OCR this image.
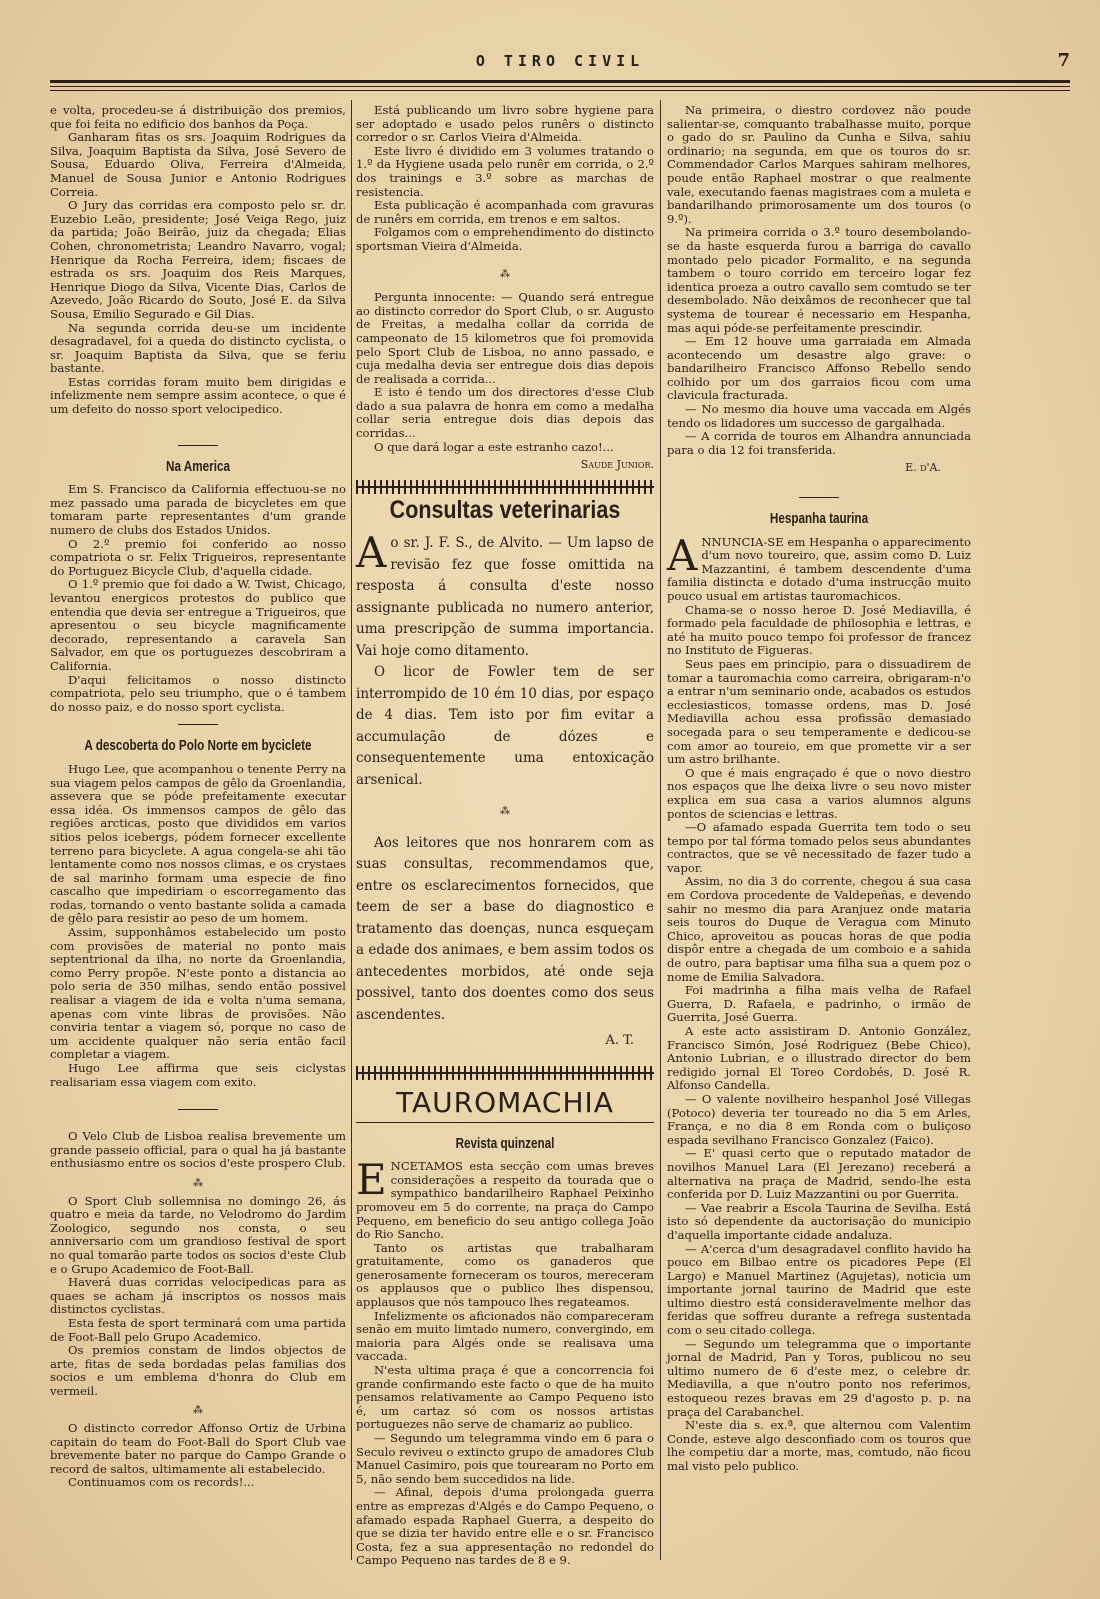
O TIRO CIVIL	7

e volta, procedeu-se á distribuição dos premios, que foi feita no edificio dos banhos da Poça.

Ganharam fitas os srs. Joaquim Rodrigues da Silva, Joaquim Baptista da Silva, José Severo de Sousa, Eduardo Oliva, Ferreira d'Almeida, Manuel de Sousa Junior e Antonio Rodrigues Correia.

O Jury das corridas era composto pelo sr. dr. Euzebio Leão, presidente; José Veiga Rego, juiz da partida; João Beirão, juiz da chegada; Elias Cohen, chronometrista; Leandro Navarro, vogal; Henrique da Rocha Ferreira, idem; fiscaes de estrada os srs. Joaquim dos Reis Marques, Henrique Diogo da Silva, Vicente Dias, Carlos de Azevedo, João Ricardo do Souto, José E. da Silva Sousa, Emilio Segurado e Gil Dias.

Na segunda corrida deu-se um incidente desagradavel, foi a queda do distincto cyclista, o sr. Joaquim Baptista da Silva, que se feriu bastante.

Estas corridas foram muito bem dirigidas e infelizmente nem sempre assim acontece, o que é um defeito do nosso sport velocipedico.

Na America

Em S. Francisco da California effectuou-se no mez passado uma parada de bicycletes em que tomaram parte representantes d'um grande numero de clubs dos Estados Unidos.

O 2.º premio foi conferido ao nosso compatriota o sr. Felix Trigueiros, representante do Portuguez Bicycle Club, d'aquella cidade.

O 1.º premio que foi dado a W. Twist, Chicago, levantou energicos protestos do publico que entendia que devia ser entregue a Trigueiros, que apresentou o seu bicycle magnificamente decorado, representando a caravela San Salvador, em que os portuguezes descobriram a California.

D'aqui felicitamos o nosso distincto compatriota, pelo seu triumpho, que o é tambem do nosso paiz, e do nosso sport cyclista.

A descoberta do Polo Norte em byciclete

Hugo Lee, que acompanhou o tenente Perry na sua viagem pelos campos de gêlo da Groenlandia, assevera que se póde prefeitamente executar essa idéa. Os immensos campos de gêlo das regiões arcticas, posto que divididos em varios sitios pelos icebergs, pódem fornecer excellente terreno para bicyclete. A agua congela-se ahi tão lentamente como nos nossos climas, e os crystaes de sal marinho formam uma especie de fino cascalho que impediriam o escorregamento das rodas, tornando o vento bastante solida a camada de gêlo para resistir ao peso de um homem.

Assim, supponhâmos estabelecido um posto com provisões de material no ponto mais septentrional da ilha, no norte da Groenlandia, como Perry propõe. N'este ponto a distancia ao polo seria de 350 milhas, sendo então possivel realisar a viagem de ida e volta n'uma semana, apenas com vinte libras de provisões. Não conviria tentar a viagem só, porque no caso de um accidente qualquer não seria então facil completar a viagem.

Hugo Lee affirma que seis ciclystas realisariam essa viagem com exito.

O Velo Club de Lisboa realisa brevemente um grande passeio official, para o qual ha já bastante enthusiasmo entre os socios d'este prospero Club.

⁂

O Sport Club sollemnisa no domingo 26, ás quatro e meia da tarde, no Velodromo do Jardim Zoologico, segundo nos consta, o seu anniversario com um grandioso festival de sport no qual tomarão parte todos os socios d'este Club e o Grupo Academico de Foot-Ball.

Haverá duas corridas velocipedicas para as quaes se acham já inscriptos os nossos mais distinctos cyclistas.

Esta festa de sport terminará com uma partida de Foot-Ball pelo Grupo Academico.

Os premios constam de lindos objectos de arte, fitas de seda bordadas pelas familias dos socios e um emblema d'honra do Club em vermeil.

⁂

O distincto corredor Affonso Ortiz de Urbina capitain do team do Foot-Ball do Sport Club vae brevemente bater no parque do Campo Grande o record de saltos, ultimamente ali estabelecido.

Continuamos com os records!...

Está publicando um livro sobre hygiene para ser adoptado e usado pelos runêrs o distincto corredor o sr. Carlos Vieira d'Almeida.

Este livro é dividido em 3 volumes tratando o 1.º da Hygiene usada pelo runêr em corrida, o 2.º dos trainings e 3.º sobre as marchas de resistencia.

Esta publicação é acompanhada com gravuras de runêrs em corrida, em trenos e em saltos.

Folgamos com o emprehendimento do distincto sportsman Vieira d'Almeida.

⁂

Pergunta innocente: — Quando será entregue ao distincto corredor do Sport Club, o sr. Augusto de Freitas, a medalha collar da corrida de campeonato de 15 kilometros que foi promovida pelo Sport Club de Lisboa, no anno passado, e cuja medalha devia ser entregue dois dias depois de realisada a corrida...

E isto é tendo um dos directores d'esse Club dado a sua palavra de honra em como a medalha collar seria entregue dois dias depois das corridas...

O que dará logar a este estranho cazo!...

Saude Junior.
Consultas veterinarias

Ao sr. J. F. S., de Alvito. — Um lapso de revisão fez que fosse omittida na resposta á consulta d'este nosso assignante publicada no numero anterior, uma prescripção de summa importancia. Vai hoje como ditamento.

O licor de Fowler tem de ser interrompido de 10 ém 10 dias, por espaço de 4 dias. Tem isto por fim evitar a accumulação de dózes e consequentemente uma entoxicação arsenical.

⁂

Aos leitores que nos honrarem com as suas consultas, recommendamos que, entre os esclarecimentos fornecidos, que teem de ser a base do diagnostico e tratamento das doenças, nunca esqueçam a edade dos animaes, e bem assim todos os antecedentes morbidos, até onde seja possivel, tanto dos doentes como dos seus ascendentes.

A. T.
TAUROMACHIA
Revista quinzenal

ENCETAMOS esta secção com umas breves considerações a respeito da tourada que o sympathico bandarilheiro Raphael Peixinho promoveu em 5 do corrente, na praça do Campo Pequeno, em beneficio do seu antigo collega João do Rio Sancho.

Tanto os artistas que trabalharam gratuitamente, como os ganaderos que generosamente forneceram os touros, mereceram os applausos que o publico lhes dispensou, applausos que nós tampouco lhes regateamos.

Infelizmente os aficionados não compareceram senão em muito limtado numero, convergindo, em maioria para Algés onde se realisava uma vaccada.

N'esta ultima praça é que a concorrencia foi grande confirmando este facto o que de ha muito pensamos relativamente ao Campo Pequeno isto é, um cartaz só com os nossos artistas portuguezes não serve de chamariz ao publico.

— Segundo um telegramma vindo em 6 para o Seculo reviveu o extincto grupo de amadores Club Manuel Casimiro, pois que tourearam no Porto em 5, não sendo bem succedidos na lide.

— Afinal, depois d'uma prolongada guerra entre as emprezas d'Algés e do Campo Pequeno, o afamado espada Raphael Guerra, a despeito do que se dizia ter havido entre elle e o sr. Francisco Costa, fez a sua appresentação no redondel do Campo Pequeno nas tardes de 8 e 9.

Na primeira, o diestro cordovez não poude salientar-se, comquanto trabalhasse muito, porque o gado do sr. Paulino da Cunha e Silva, sahiu ordinario; na segunda, em que os touros do sr. Commendador Carlos Marques sahiram melhores, poude então Raphael mostrar o que realmente vale, executando faenas magistraes com a muleta e bandarilhando primorosamente um dos touros (o 9.º).

Na primeira corrida o 3.º touro desembolando-se da haste esquerda furou a barriga do cavallo montado pelo picador Formalito, e na segunda tambem o touro corrido em terceiro logar fez identica proeza a outro cavallo sem comtudo se ter desembolado. Não deixâmos de reconhecer que tal systema de tourear é necessario em Hespanha, mas aqui póde-se perfeitamente prescindir.

— Em 12 houve uma garraiada em Almada acontecendo um desastre algo grave: o bandarilheiro Francisco Affonso Rebello sendo colhido por um dos garraios ficou com uma clavicula fracturada.

— No mesmo dia houve uma vaccada em Algés tendo os lidadores um successo de gargalhada.

— A corrida de touros em Alhandra annunciada para o dia 12 foi transferida.

E. d'A.
Hespanha taurina

ANNUNCIA-SE em Hespanha o apparecimento d'um novo toureiro, que, assim como D. Luiz Mazzantini, é tambem descendente d'uma familia distincta e dotado d'uma instrucção muito pouco usual em artistas tauromachicos.

Chama-se o nosso heroe D. José Mediavilla, é formado pela faculdade de philosophia e lettras, e até ha muito pouco tempo foi professor de francez no Instituto de Figueras.

Seus paes em principio, para o dissuadirem de tomar a tauromachia como carreira, obrigaram-n'o a entrar n'um seminario onde, acabados os estudos ecclesiasticos, tomasse ordens, mas D. José Mediavilla achou essa profissão demasiado socegada para o seu temperamente e dedicou-se com amor ao toureio, em que promette vir a ser um astro brilhante.

O que é mais engraçado é que o novo diestro nos espaços que lhe deixa livre o seu novo mister explica em sua casa a varios alumnos alguns pontos de sciencias e lettras.

—O afamado espada Guerrita tem todo o seu tempo por tal fórma tomado pelos seus abundantes contractos, que se vê necessitado de fazer tudo a vapor.

Assim, no dia 3 do corrente, chegou á sua casa em Cordova procedente de Valdepeñas, e devendo sahir no mesmo dia para Aranjuez onde mataria seis touros do Duque de Veragua com Minuto Chico, aproveitou as poucas horas de que podia dispôr entre a chegada de um comboio e a sahida de outro, para baptisar uma filha sua a quem poz o nome de Emilia Salvadora.

Foi madrinha a filha mais velha de Rafael Guerra, D. Rafaela, e padrinho, o irmão de Guerrita, José Guerra.

A este acto assistiram D. Antonio González, Francisco Simón, José Rodriguez (Bebe Chico), Antonio Lubrian, e o illustrado director do bem redigido jornal El Toreo Cordobés, D. José R. Alfonso Candella.

— O valente novilheiro hespanhol José Villegas (Potoco) deveria ter toureado no dia 5 em Arles, França, e no dia 8 em Ronda com o buliçoso espada sevilhano Francisco Gonzalez (Faico).

— E' quasi certo que o reputado matador de novilhos Manuel Lara (El Jerezano) receberá a alternativa na praça de Madrid, sendo-lhe esta conferida por D. Luiz Mazzantini ou por Guerrita.

— Vae reabrir a Escola Taurina de Sevilha. Está isto só dependente da auctorisação do municipio d'aquella importante cidade andaluza.

— A'cerca d'um desagradavel conflito havido ha pouco em Bilbao entre os picadores Pepe (El Largo) e Manuel Martinez (Agujetas), noticia um importante jornal taurino de Madrid que este ultimo diestro está consideravelmente melhor das feridas que soffreu durante a refrega sustentada com o seu citado collega.

— Segundo um telegramma que o importante jornal de Madrid, Pan y Toros, publicou no seu ultimo numero de 6 d'este mez, o celebre dr. Mediavilla, a que n'outro ponto nos referimos, estoqueou rezes bravas em 29 d'agosto p. p. na praça del Carabanchel.

N'este dia s. ex.ª, que alternou com Valentim Conde, esteve algo desconfiado com os touros que lhe competiu dar a morte, mas, comtudo, não ficou mal visto pelo publico.
